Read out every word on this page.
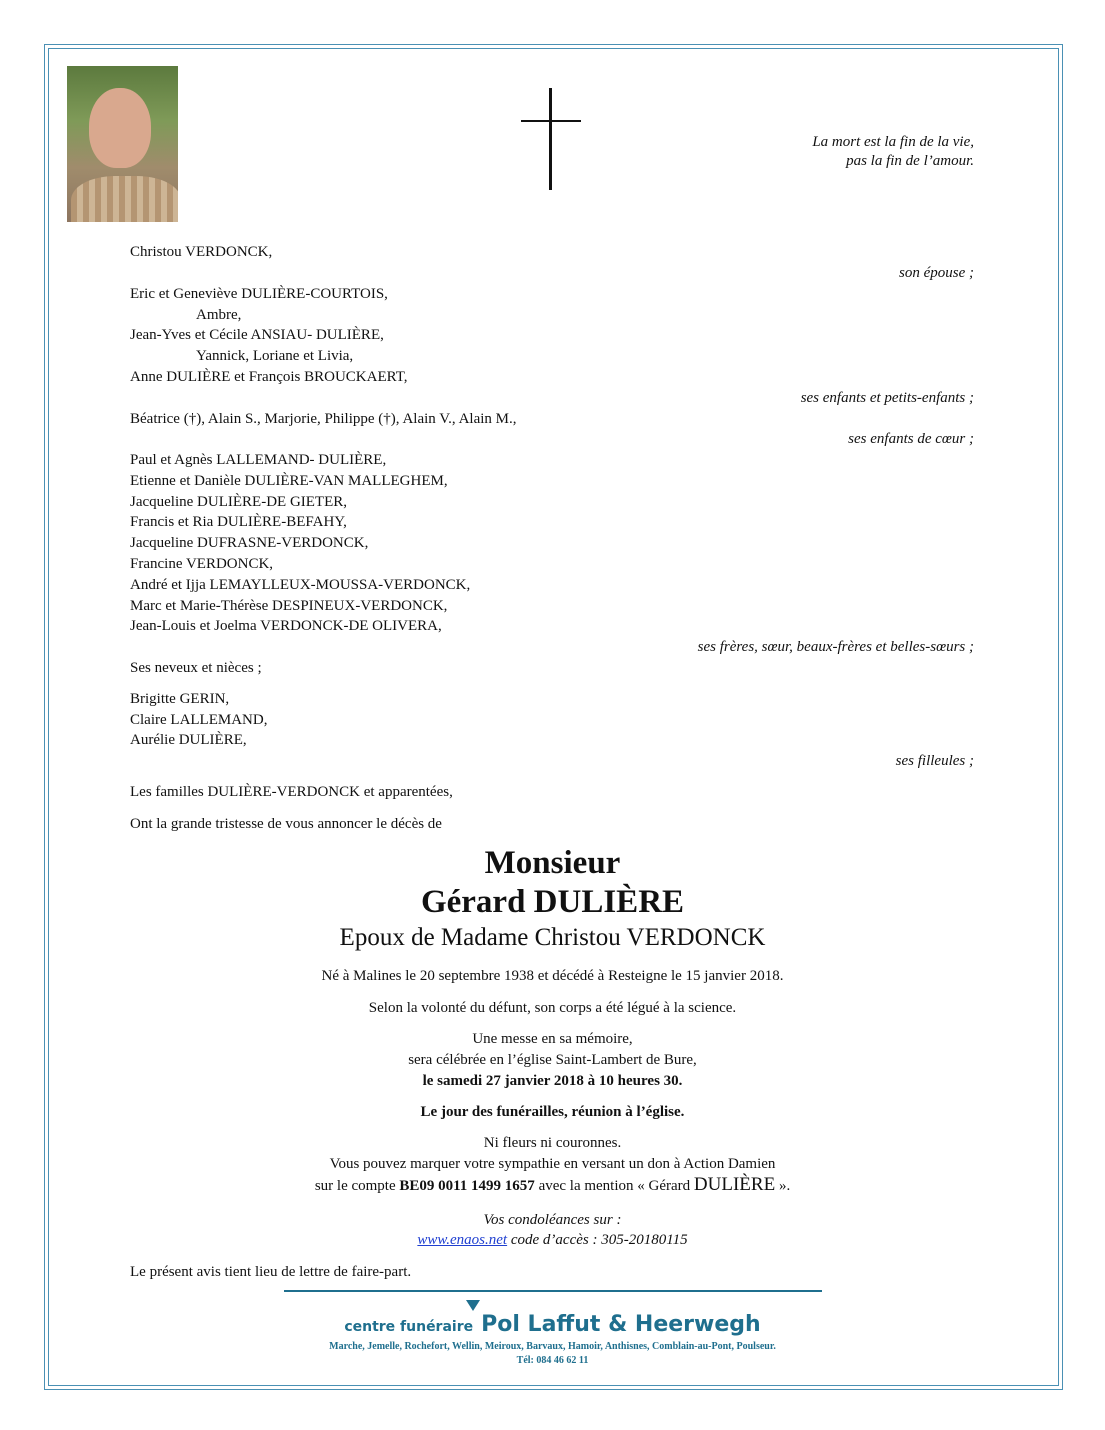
La mort est la fin de la vie,
pas la fin de l’amour.
Christou VERDONCK,
son épouse ;
Eric et Geneviève DULIÈRE-COURTOIS,
Ambre,
Jean-Yves et Cécile ANSIAU- DULIÈRE,
Yannick, Loriane et Livia,
Anne DULIÈRE et François BROUCKAERT,
ses enfants et petits-enfants ;
Béatrice (†), Alain S., Marjorie, Philippe (†), Alain V., Alain M.,
ses enfants de cœur ;
Paul et Agnès LALLEMAND- DULIÈRE,
Etienne et Danièle DULIÈRE-VAN MALLEGHEM,
Jacqueline DULIÈRE-DE GIETER,
Francis et Ria DULIÈRE-BEFAHY,
Jacqueline DUFRASNE-VERDONCK,
Francine VERDONCK,
André et Ijja LEMAYLLEUX-MOUSSA-VERDONCK,
Marc et Marie-Thérèse DESPINEUX-VERDONCK,
Jean-Louis et Joelma VERDONCK-DE OLIVERA,
ses frères, sœur, beaux-frères et belles-sœurs ;
Ses neveux et nièces ;
Brigitte GERIN,
Claire LALLEMAND,
Aurélie DULIÈRE,
ses filleules ;
Les familles DULIÈRE-VERDONCK et apparentées,
Ont la grande tristesse de vous annoncer le décès de
Monsieur
Gérard DULIÈRE
Epoux de Madame Christou VERDONCK
Né à Malines le 20 septembre 1938 et décédé à Resteigne le 15 janvier 2018.
Selon la volonté du défunt, son corps a été légué à la science.
Une messe en sa mémoire,
sera célébrée en l’église Saint-Lambert de Bure,
le samedi 27 janvier 2018 à 10 heures 30.
Le jour des funérailles, réunion à l’église.
Ni fleurs ni couronnes.
Vous pouvez marquer votre sympathie en versant un don à Action Damien
sur le compte BE09 0011 1499 1657 avec la mention « Gérard DULIÈRE ».
Vos condoléances sur :
www.enaos.net code d’accès : 305-20180115
Le présent avis tient lieu de lettre de faire-part.
centre funéraire Pol Laffut & Heerwegh
Marche, Jemelle, Rochefort, Wellin, Meiroux, Barvaux, Hamoir, Anthisnes, Comblain-au-Pont, Poulseur.
Tél: 084 46 62 11
